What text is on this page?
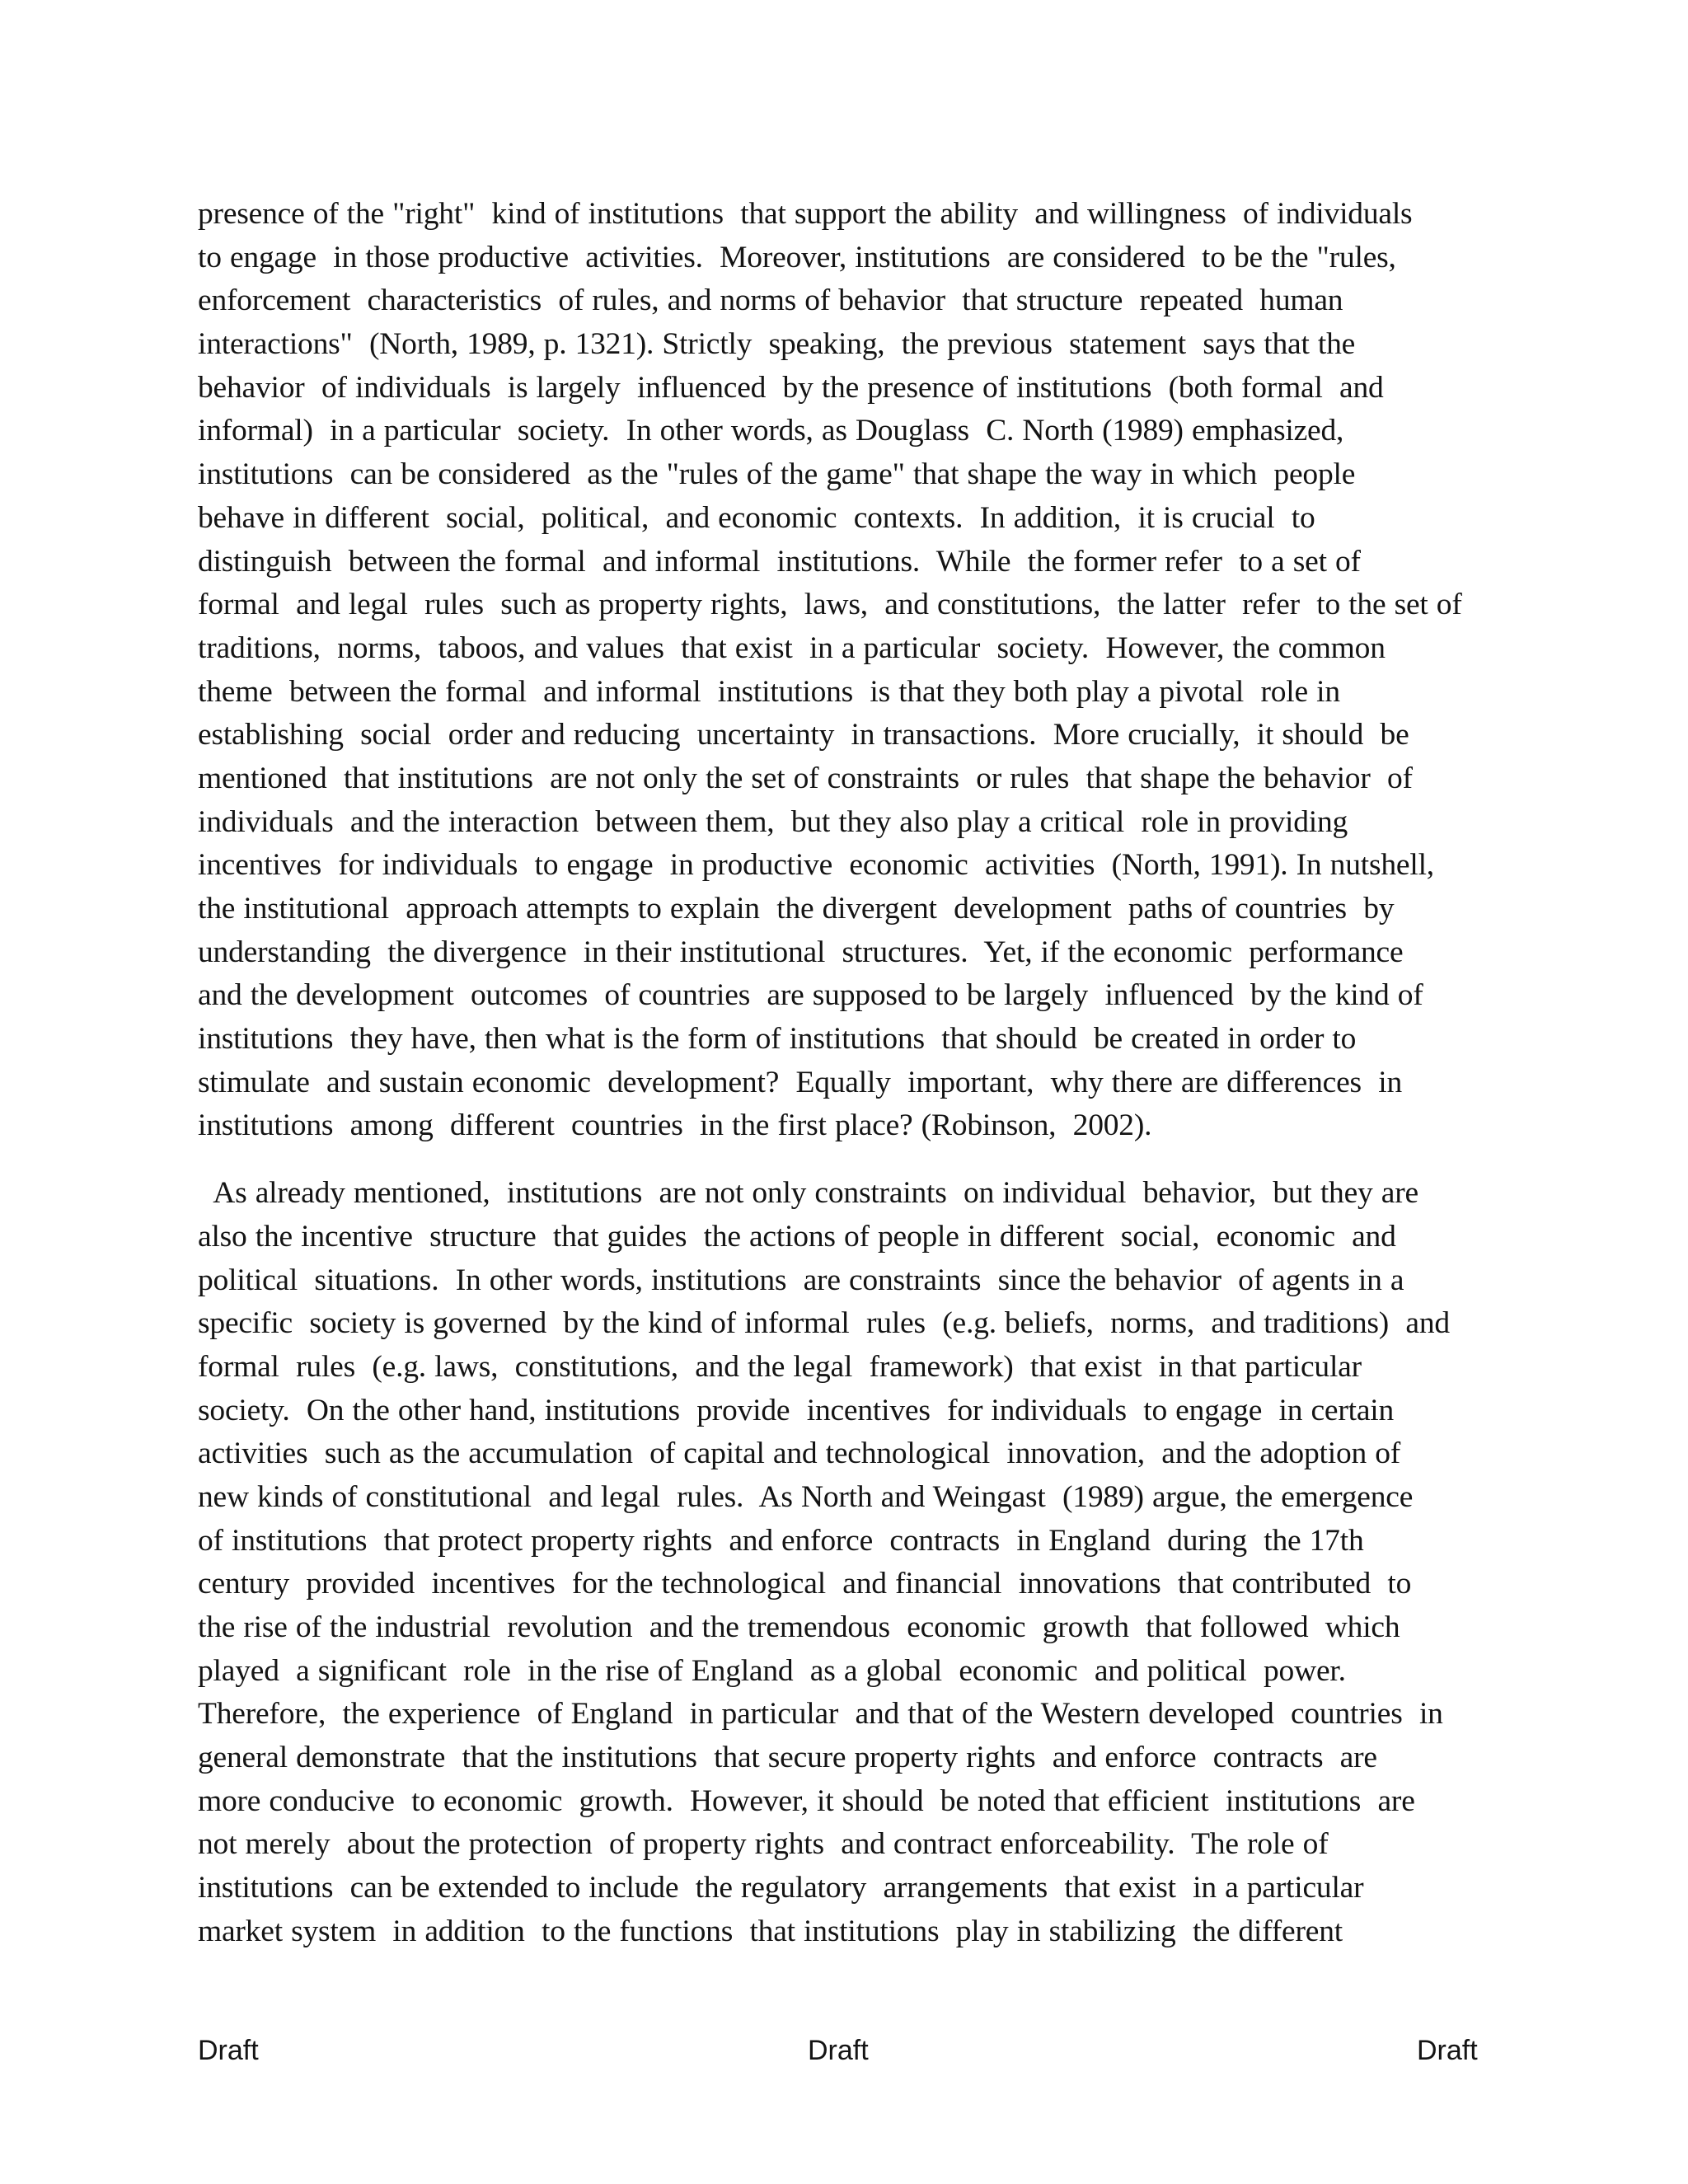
presence of the "right"  kind of institutions  that support the ability  and willingness  of individuals
to engage  in those productive  activities.  Moreover, institutions  are considered  to be the "rules,
enforcement  characteristics  of rules, and norms of behavior  that structure  repeated  human
interactions"  (North, 1989, p. 1321). Strictly  speaking,  the previous  statement  says that the
behavior  of individuals  is largely  influenced  by the presence of institutions  (both formal  and
informal)  in a particular  society.  In other words, as Douglass  C. North (1989) emphasized,
institutions  can be considered  as the "rules of the game" that shape the way in which  people
behave in different  social,  political,  and economic  contexts.  In addition,  it is crucial  to
distinguish  between the formal  and informal  institutions.  While  the former refer  to a set of
formal  and legal  rules  such as property rights,  laws,  and constitutions,  the latter  refer  to the set of
traditions,  norms,  taboos, and values  that exist  in a particular  society.  However, the common
theme  between the formal  and informal  institutions  is that they both play a pivotal  role in
establishing  social  order and reducing  uncertainty  in transactions.  More crucially,  it should  be
mentioned  that institutions  are not only the set of constraints  or rules  that shape the behavior  of
individuals  and the interaction  between them,  but they also play a critical  role in providing
incentives  for individuals  to engage  in productive  economic  activities  (North, 1991). In nutshell,
the institutional  approach attempts to explain  the divergent  development  paths of countries  by
understanding  the divergence  in their institutional  structures.  Yet, if the economic  performance
and the development  outcomes  of countries  are supposed to be largely  influenced  by the kind of
institutions  they have, then what is the form of institutions  that should  be created in order to
stimulate  and sustain economic  development?  Equally  important,  why there are differences  in
institutions  among  different  countries  in the first place? (Robinson,  2002).
As already mentioned,  institutions  are not only constraints  on individual  behavior,  but they are
also the incentive  structure  that guides  the actions of people in different  social,  economic  and
political  situations.  In other words, institutions  are constraints  since the behavior  of agents in a
specific  society is governed  by the kind of informal  rules  (e.g. beliefs,  norms,  and traditions)  and
formal  rules  (e.g. laws,  constitutions,  and the legal  framework)  that exist  in that particular
society.  On the other hand, institutions  provide  incentives  for individuals  to engage  in certain
activities  such as the accumulation  of capital and technological  innovation,  and the adoption of
new kinds of constitutional  and legal  rules.  As North and Weingast  (1989) argue, the emergence
of institutions  that protect property rights  and enforce  contracts  in England  during  the 17th
century  provided  incentives  for the technological  and financial  innovations  that contributed  to
the rise of the industrial  revolution  and the tremendous  economic  growth  that followed  which
played  a significant  role  in the rise of England  as a global  economic  and political  power.
Therefore,  the experience  of England  in particular  and that of the Western developed  countries  in
general demonstrate  that the institutions  that secure property rights  and enforce  contracts  are
more conducive  to economic  growth.  However, it should  be noted that efficient  institutions  are
not merely  about the protection  of property rights  and contract enforceability.  The role of
institutions  can be extended to include  the regulatory  arrangements  that exist  in a particular
market system  in addition  to the functions  that institutions  play in stabilizing  the different
Draft	Draft	Draft
